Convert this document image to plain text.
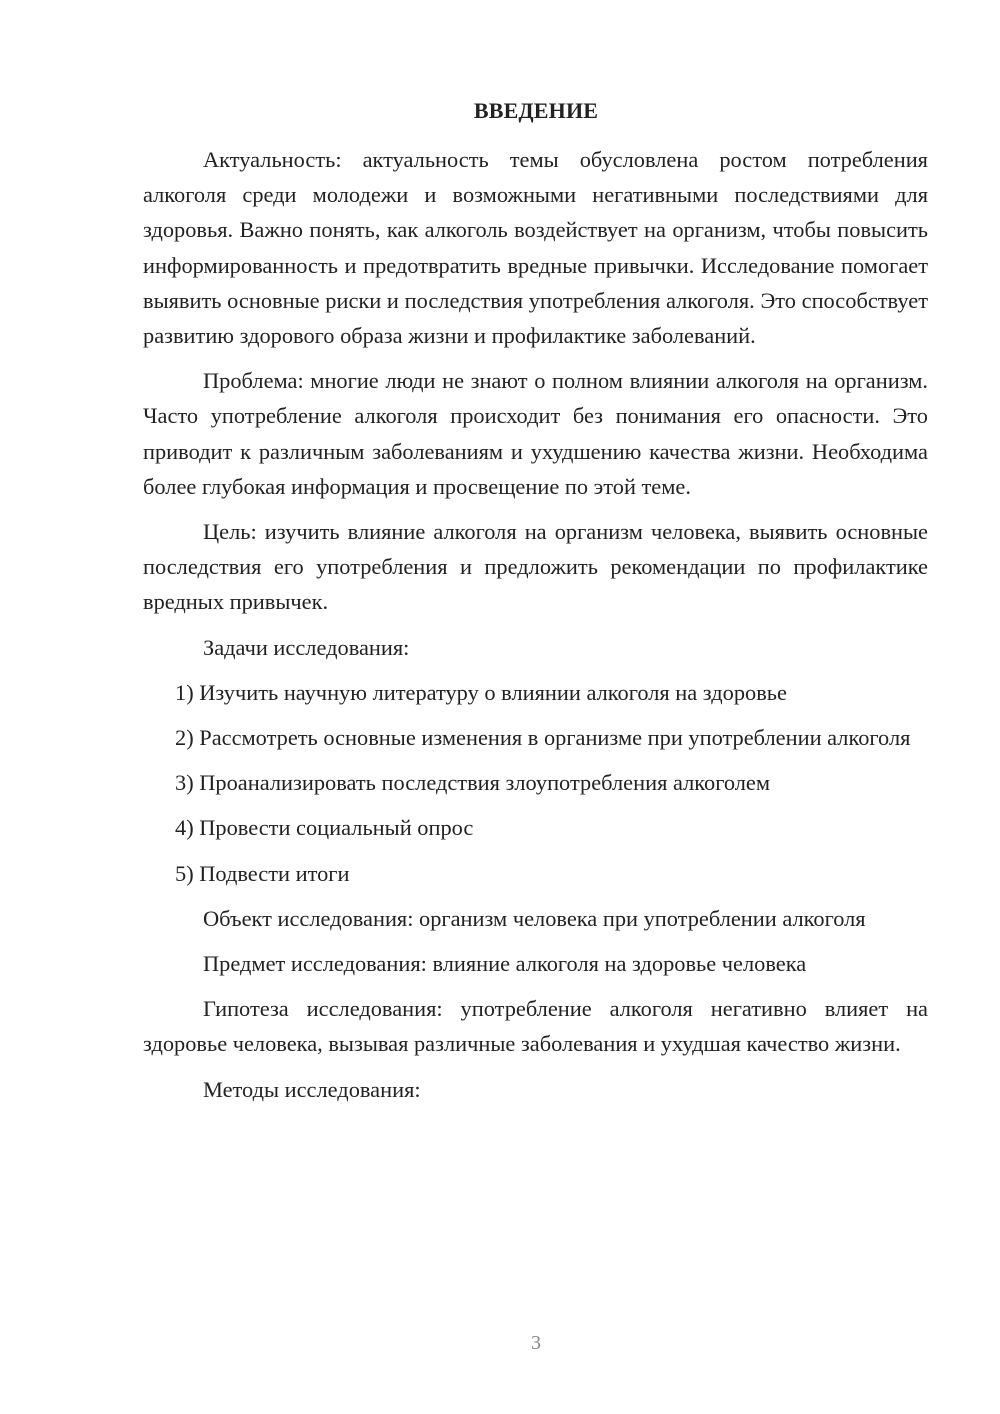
ВВЕДЕНИЕ

Актуальность: актуальность темы обусловлена ростом потребления алкоголя среди молодежи и возможными негативными последствиями для здоровья. Важно понять, как алкоголь воздействует на организм, чтобы повысить информированность и предотвратить вредные привычки. Исследование помогает выявить основные риски и последствия употребления алкоголя. Это способствует развитию здорового образа жизни и профилактике заболеваний.

Проблема: многие люди не знают о полном влиянии алкоголя на организм. Часто употребление алкоголя происходит без понимания его опасности. Это приводит к различным заболеваниям и ухудшению качества жизни. Необходима более глубокая информация и просвещение по этой теме.

Цель: изучить влияние алкоголя на организм человека, выявить основные последствия его употребления и предложить рекомендации по профилактике вредных привычек.

Задачи исследования:

1) Изучить научную литературу о влиянии алкоголя на здоровье

2) Рассмотреть основные изменения в организме при употреблении алкоголя

3) Проанализировать последствия злоупотребления алкоголем

4) Провести социальный опрос

5) Подвести итоги

Объект исследования: организм человека при употреблении алкоголя

Предмет исследования: влияние алкоголя на здоровье человека

Гипотеза исследования: употребление алкоголя негативно влияет на здоровье человека, вызывая различные заболевания и ухудшая качество жизни.

Методы исследования:

3
